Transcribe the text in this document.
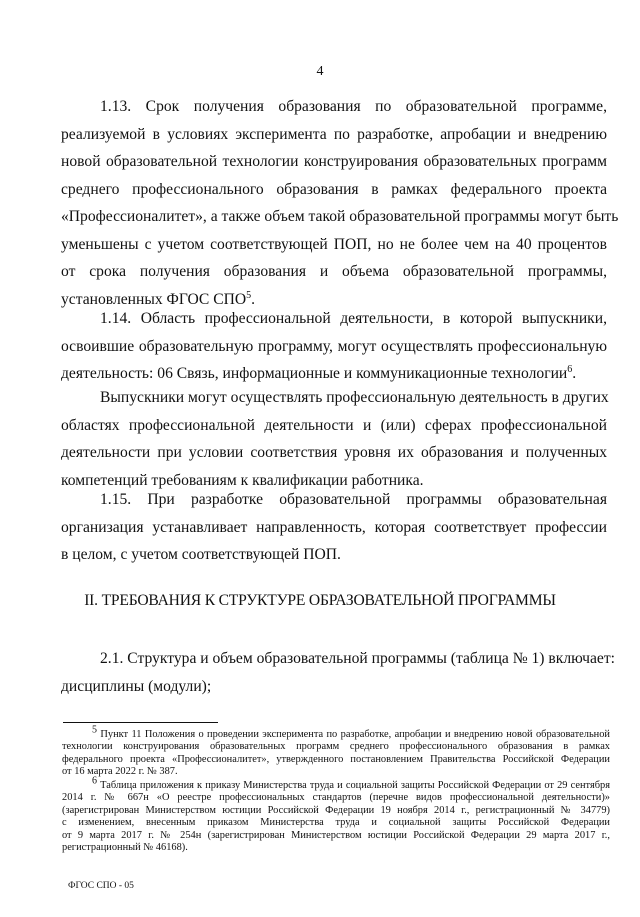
4
1.13. Срок получения образования по образовательной программе,
реализуемой в условиях эксперимента по разработке, апробации и внедрению
новой образовательной технологии конструирования образовательных программ
среднего профессионального образования в рамках федерального проекта
«Профессионалитет», а также объем такой образовательной программы могут быть
уменьшены с учетом соответствующей ПОП, но не более чем на 40 процентов
от срока получения образования и объема образовательной программы,
установленных ФГОС СПО$^5$.
1.14. Область профессиональной деятельности, в которой выпускники,
освоившие образовательную программу, могут осуществлять профессиональную
деятельность: 06 Связь, информационные и коммуникационные технологии$^6$.
Выпускники могут осуществлять профессиональную деятельность в других
областях профессиональной деятельности и (или) сферах профессиональной
деятельности при условии соответствия уровня их образования и полученных
компетенций требованиям к квалификации работника.
1.15. При разработке образовательной программы образовательная
организация устанавливает направленность, которая соответствует профессии
в целом, с учетом соответствующей ПОП.
II. ТРЕБОВАНИЯ К СТРУКТУРЕ ОБРАЗОВАТЕЛЬНОЙ ПРОГРАММЫ
2.1. Структура и объем образовательной программы (таблица № 1) включает:
дисциплины (модули);
$^5$ Пункт 11 Положения о проведении эксперимента по разработке, апробации и внедрению новой образовательной
технологии конструирования образовательных программ среднего профессионального образования в рамках
федерального проекта «Профессионалитет», утвержденного постановлением Правительства Российской Федерации
от 16 марта 2022 г. № 387.
$^6$ Таблица приложения к приказу Министерства труда и социальной защиты Российской Федерации от 29 сентября
2014 г. № 667н «О реестре профессиональных стандартов (перечне видов профессиональной деятельности)»
(зарегистрирован Министерством юстиции Российской Федерации 19 ноября 2014 г., регистрационный № 34779)
с изменением, внесенным приказом Министерства труда и социальной защиты Российской Федерации
от 9 марта 2017 г. № 254н (зарегистрирован Министерством юстиции Российской Федерации 29 марта 2017 г.,
регистрационный № 46168).
ФГОС СПО - 05
